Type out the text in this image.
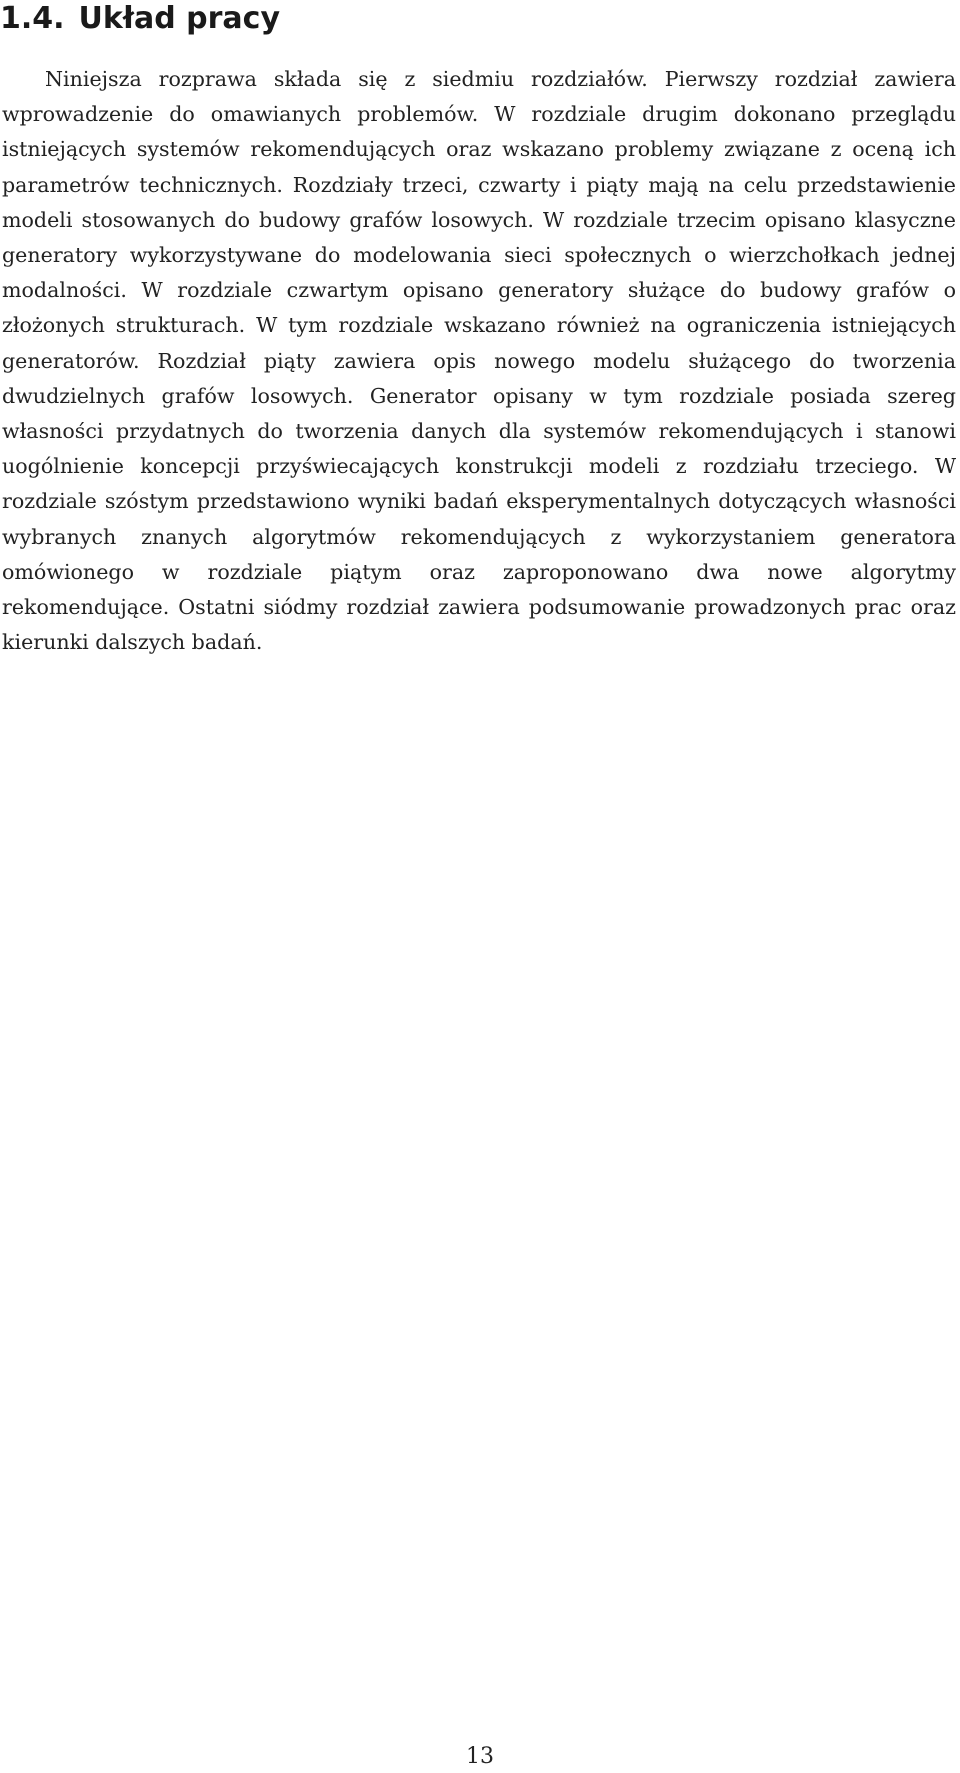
1.4. Układ pracy

Niniejsza rozprawa składa się z siedmiu rozdziałów. Pierwszy rozdział zawiera wprowadzenie do omawianych problemów. W rozdziale drugim dokonano przeglądu istniejących systemów rekomendujących oraz wskazano problemy związane z oceną ich parametrów technicznych. Rozdziały trzeci, czwarty i piąty mają na celu przedstawienie modeli stosowanych do budowy grafów losowych. W rozdziale trzecim opisano klasyczne generatory wykorzystywane do modelowania sieci społecznych o wierzchołkach jednej modalności. W rozdziale czwartym opisano generatory służące do budowy grafów o złożonych strukturach. W tym rozdziale wskazano również na ograniczenia istniejących generatorów. Rozdział piąty zawiera opis nowego modelu służącego do tworzenia dwudzielnych grafów losowych. Generator opisany w tym rozdziale posiada szereg własności przydatnych do tworzenia danych dla systemów rekomendujących i stanowi uogólnienie koncepcji przyświecających konstrukcji modeli z rozdziału trzeciego. W rozdziale szóstym przedstawiono wyniki badań eksperymentalnych dotyczących własności wybranych znanych algorytmów rekomendujących z wykorzystaniem generatora omówionego w rozdziale piątym oraz zaproponowano dwa nowe algorytmy rekomendujące. Ostatni siódmy rozdział zawiera podsumowanie prowadzonych prac oraz kierunki dalszych badań.

13
